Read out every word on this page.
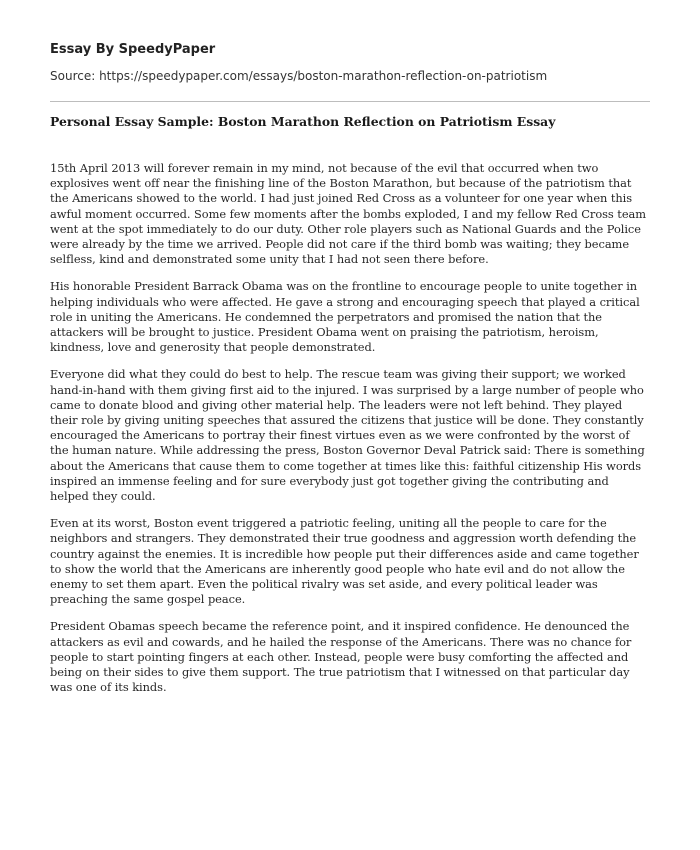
Essay By SpeedyPaper
Source: https://speedypaper.com/essays/boston-marathon-reflection-on-patriotism
Personal Essay Sample: Boston Marathon Reflection on Patriotism Essay

15th April 2013 will forever remain in my mind, not because of the evil that occurred when two explosives went off near the finishing line of the Boston Marathon, but because of the patriotism that the Americans showed to the world. I had just joined Red Cross as a volunteer for one year when this awful moment occurred. Some few moments after the bombs exploded, I and my fellow Red Cross team went at the spot immediately to do our duty. Other role players such as National Guards and the Police were already by the time we arrived. People did not care if the third bomb was waiting; they became selfless, kind and demonstrated some unity that I had not seen there before.

His honorable President Barrack Obama was on the frontline to encourage people to unite together in helping individuals who were affected. He gave a strong and encouraging speech that played a critical role in uniting the Americans. He condemned the perpetrators and promised the nation that the attackers will be brought to justice. President Obama went on praising the patriotism, heroism, kindness, love and generosity that people demonstrated.

Everyone did what they could do best to help. The rescue team was giving their support; we worked hand-in-hand with them giving first aid to the injured. I was surprised by a large number of people who came to donate blood and giving other material help. The leaders were not left behind. They played their role by giving uniting speeches that assured the citizens that justice will be done. They constantly encouraged the Americans to portray their finest virtues even as we were confronted by the worst of the human nature. While addressing the press, Boston Governor Deval Patrick said: There is something about the Americans that cause them to come together at times like this: faithful citizenship His words inspired an immense feeling and for sure everybody just got together giving the contributing and helped they could.

Even at its worst, Boston event triggered a patriotic feeling, uniting all the people to care for the neighbors and strangers. They demonstrated their true goodness and aggression worth defending the country against the enemies. It is incredible how people put their differences aside and came together to show the world that the Americans are inherently good people who hate evil and do not allow the enemy to set them apart. Even the political rivalry was set aside, and every political leader was preaching the same gospel peace.

President Obamas speech became the reference point, and it inspired confidence. He denounced the attackers as evil and cowards, and he hailed the response of the Americans. There was no chance for people to start pointing fingers at each other. Instead, people were busy comforting the affected and being on their sides to give them support. The true patriotism that I witnessed on that particular day was one of its kinds.
